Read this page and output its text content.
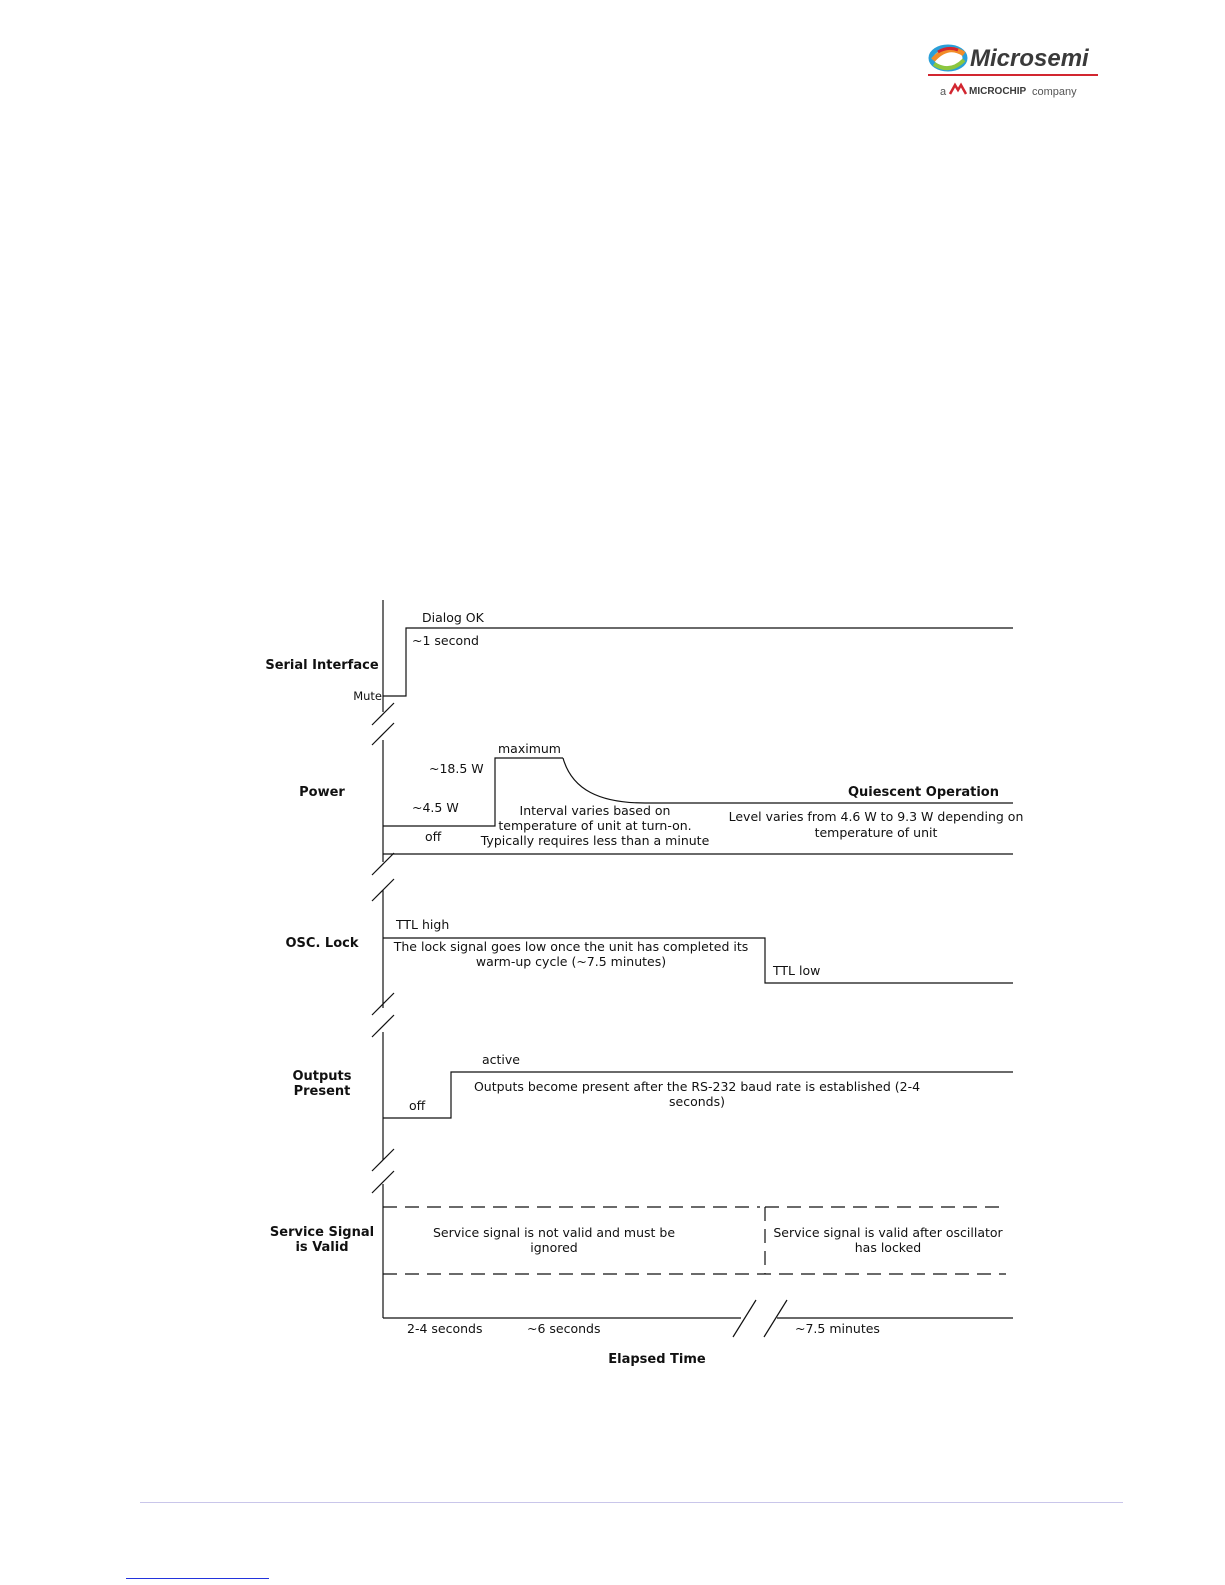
Microsemi
a MICROCHIP company
Serial Interface
Power
OSC. Lock
Outputs
Present
Service Signal
is Valid
Dialog OK
~1 second
Mute
maximum
~18.5 W
~4.5 W
off
Interval varies based on
temperature of unit at turn-on.
Typically requires less than a minute
Quiescent Operation
Level varies from 4.6 W to 9.3 W depending on
temperature of unit
TTL high
The lock signal goes low once the unit has completed its
warm-up cycle (~7.5 minutes)
TTL low
active
off
Outputs become present after the RS-232 baud rate is established (2-4
seconds)
Service signal is not valid and must be
ignored
Service signal is valid after oscillator
has locked
2-4 seconds	~6 seconds	~7.5 minutes
Elapsed Time
